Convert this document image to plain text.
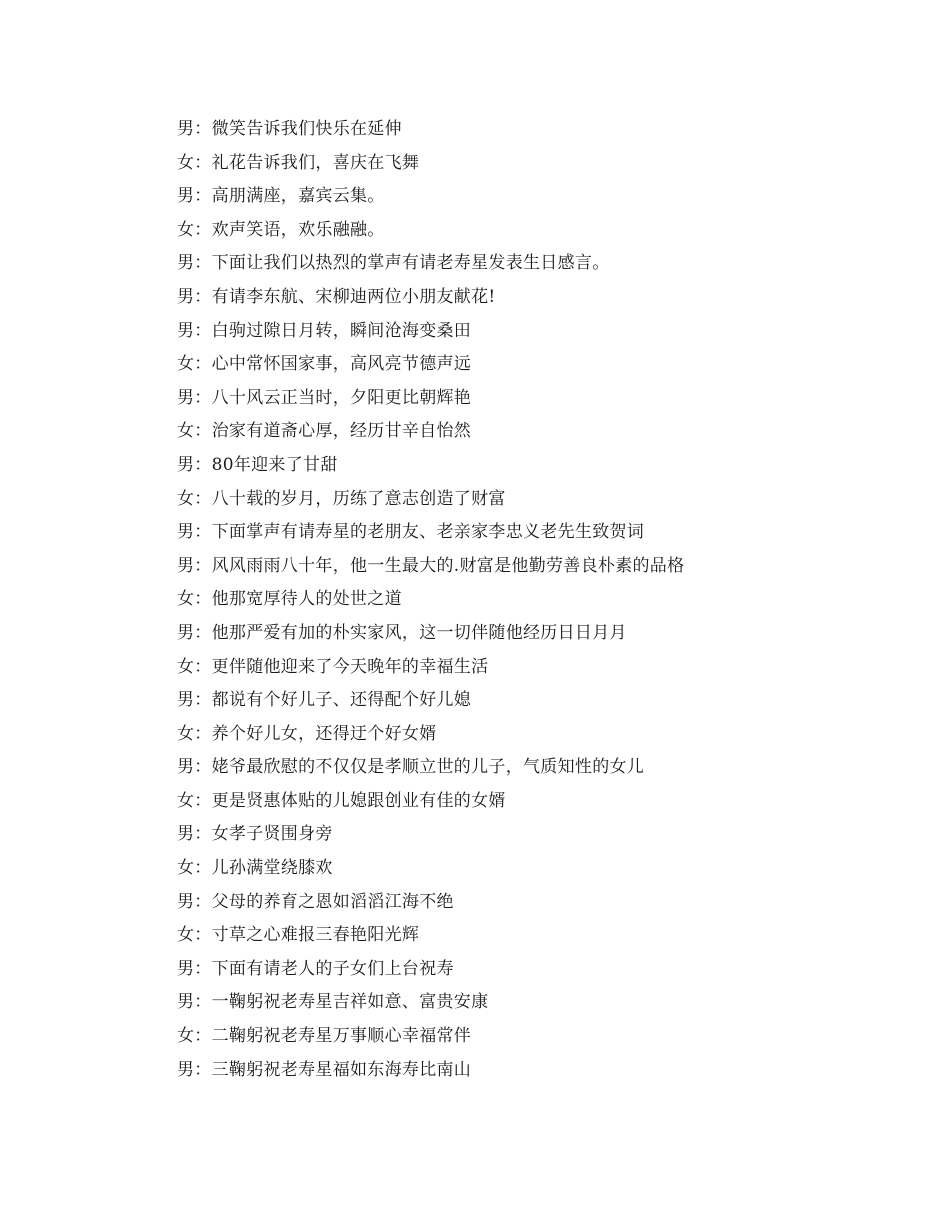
男：微笑告诉我们快乐在延伸
女：礼花告诉我们，喜庆在飞舞
男：高朋满座，嘉宾云集。
女：欢声笑语，欢乐融融。
男：下面让我们以热烈的掌声有请老寿星发表生日感言。
男：有请李东航、宋柳迪两位小朋友献花!
男：白驹过隙日月转，瞬间沧海变桑田
女：心中常怀国家事，高风亮节德声远
男：八十风云正当时，夕阳更比朝辉艳
女：治家有道斋心厚，经历甘辛自怡然
男：80年迎来了甘甜
女：八十载的岁月，历练了意志创造了财富
男：下面掌声有请寿星的老朋友、老亲家李忠义老先生致贺词
男：风风雨雨八十年，他一生最大的.财富是他勤劳善良朴素的品格
女：他那宽厚待人的处世之道
男：他那严爱有加的朴实家风，这一切伴随他经历日日月月
女：更伴随他迎来了今天晚年的幸福生活
男：都说有个好儿子、还得配个好儿媳
女：养个好儿女，还得迂个好女婿
男：姥爷最欣慰的不仅仅是孝顺立世的儿子，气质知性的女儿
女：更是贤惠体贴的儿媳跟创业有佳的女婿
男：女孝子贤围身旁
女：儿孙满堂绕膝欢
男：父母的养育之恩如滔滔江海不绝
女：寸草之心难报三春艳阳光辉
男：下面有请老人的子女们上台祝寿
男：一鞠躬祝老寿星吉祥如意、富贵安康
女：二鞠躬祝老寿星万事顺心幸福常伴
男：三鞠躬祝老寿星福如东海寿比南山
